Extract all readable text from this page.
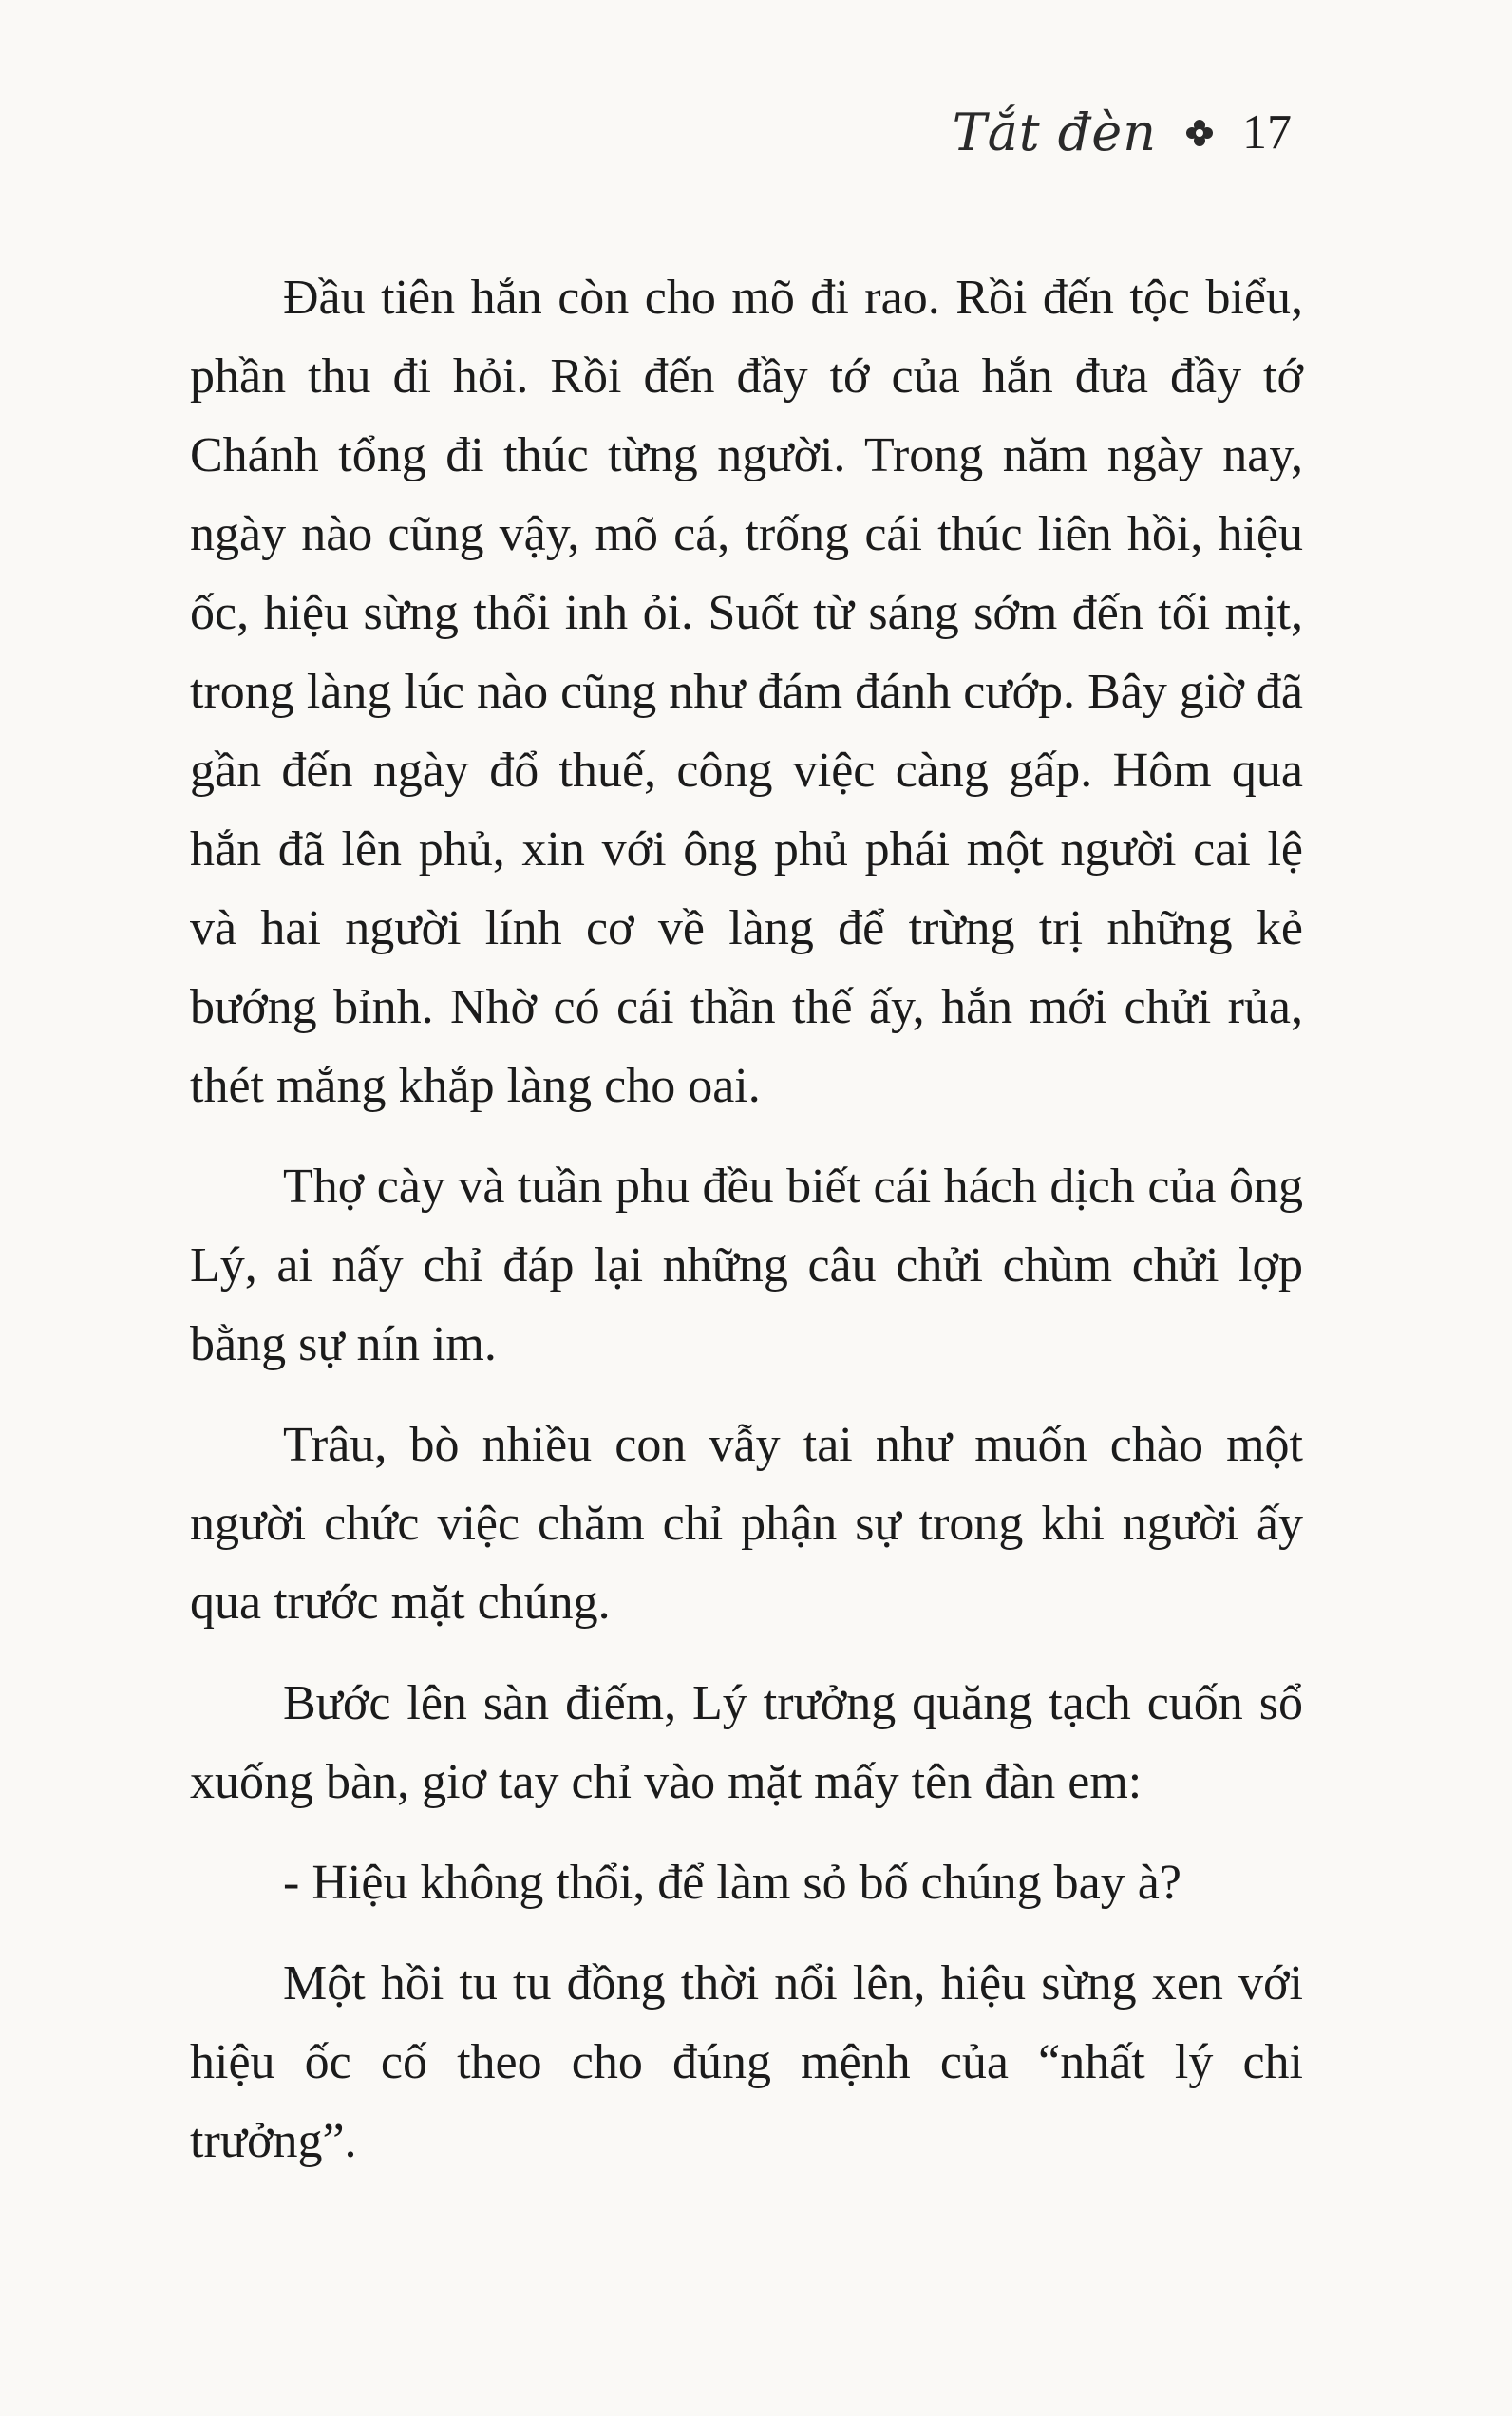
Tắt đèn 17

Đầu tiên hắn còn cho mõ đi rao. Rồi đến tộc biểu, phần thu đi hỏi. Rồi đến đầy tớ của hắn đưa đầy tớ Chánh tổng đi thúc từng người. Trong năm ngày nay, ngày nào cũng vậy, mõ cá, trống cái thúc liên hồi, hiệu ốc, hiệu sừng thổi inh ỏi. Suốt từ sáng sớm đến tối mịt, trong làng lúc nào cũng như đám đánh cướp. Bây giờ đã gần đến ngày đổ thuế, công việc càng gấp. Hôm qua hắn đã lên phủ, xin với ông phủ phái một người cai lệ và hai người lính cơ về làng để trừng trị những kẻ bướng bỉnh. Nhờ có cái thần thế ấy, hắn mới chửi rủa, thét mắng khắp làng cho oai.

Thợ cày và tuần phu đều biết cái hách dịch của ông Lý, ai nấy chỉ đáp lại những câu chửi chùm chửi lợp bằng sự nín im.

Trâu, bò nhiều con vẫy tai như muốn chào một người chức việc chăm chỉ phận sự trong khi người ấy qua trước mặt chúng.

Bước lên sàn điếm, Lý trưởng quăng tạch cuốn sổ xuống bàn, giơ tay chỉ vào mặt mấy tên đàn em:

- Hiệu không thổi, để làm sỏ bố chúng bay à?

Một hồi tu tu đồng thời nổi lên, hiệu sừng xen với hiệu ốc cố theo cho đúng mệnh của “nhất lý chi trưởng”.
